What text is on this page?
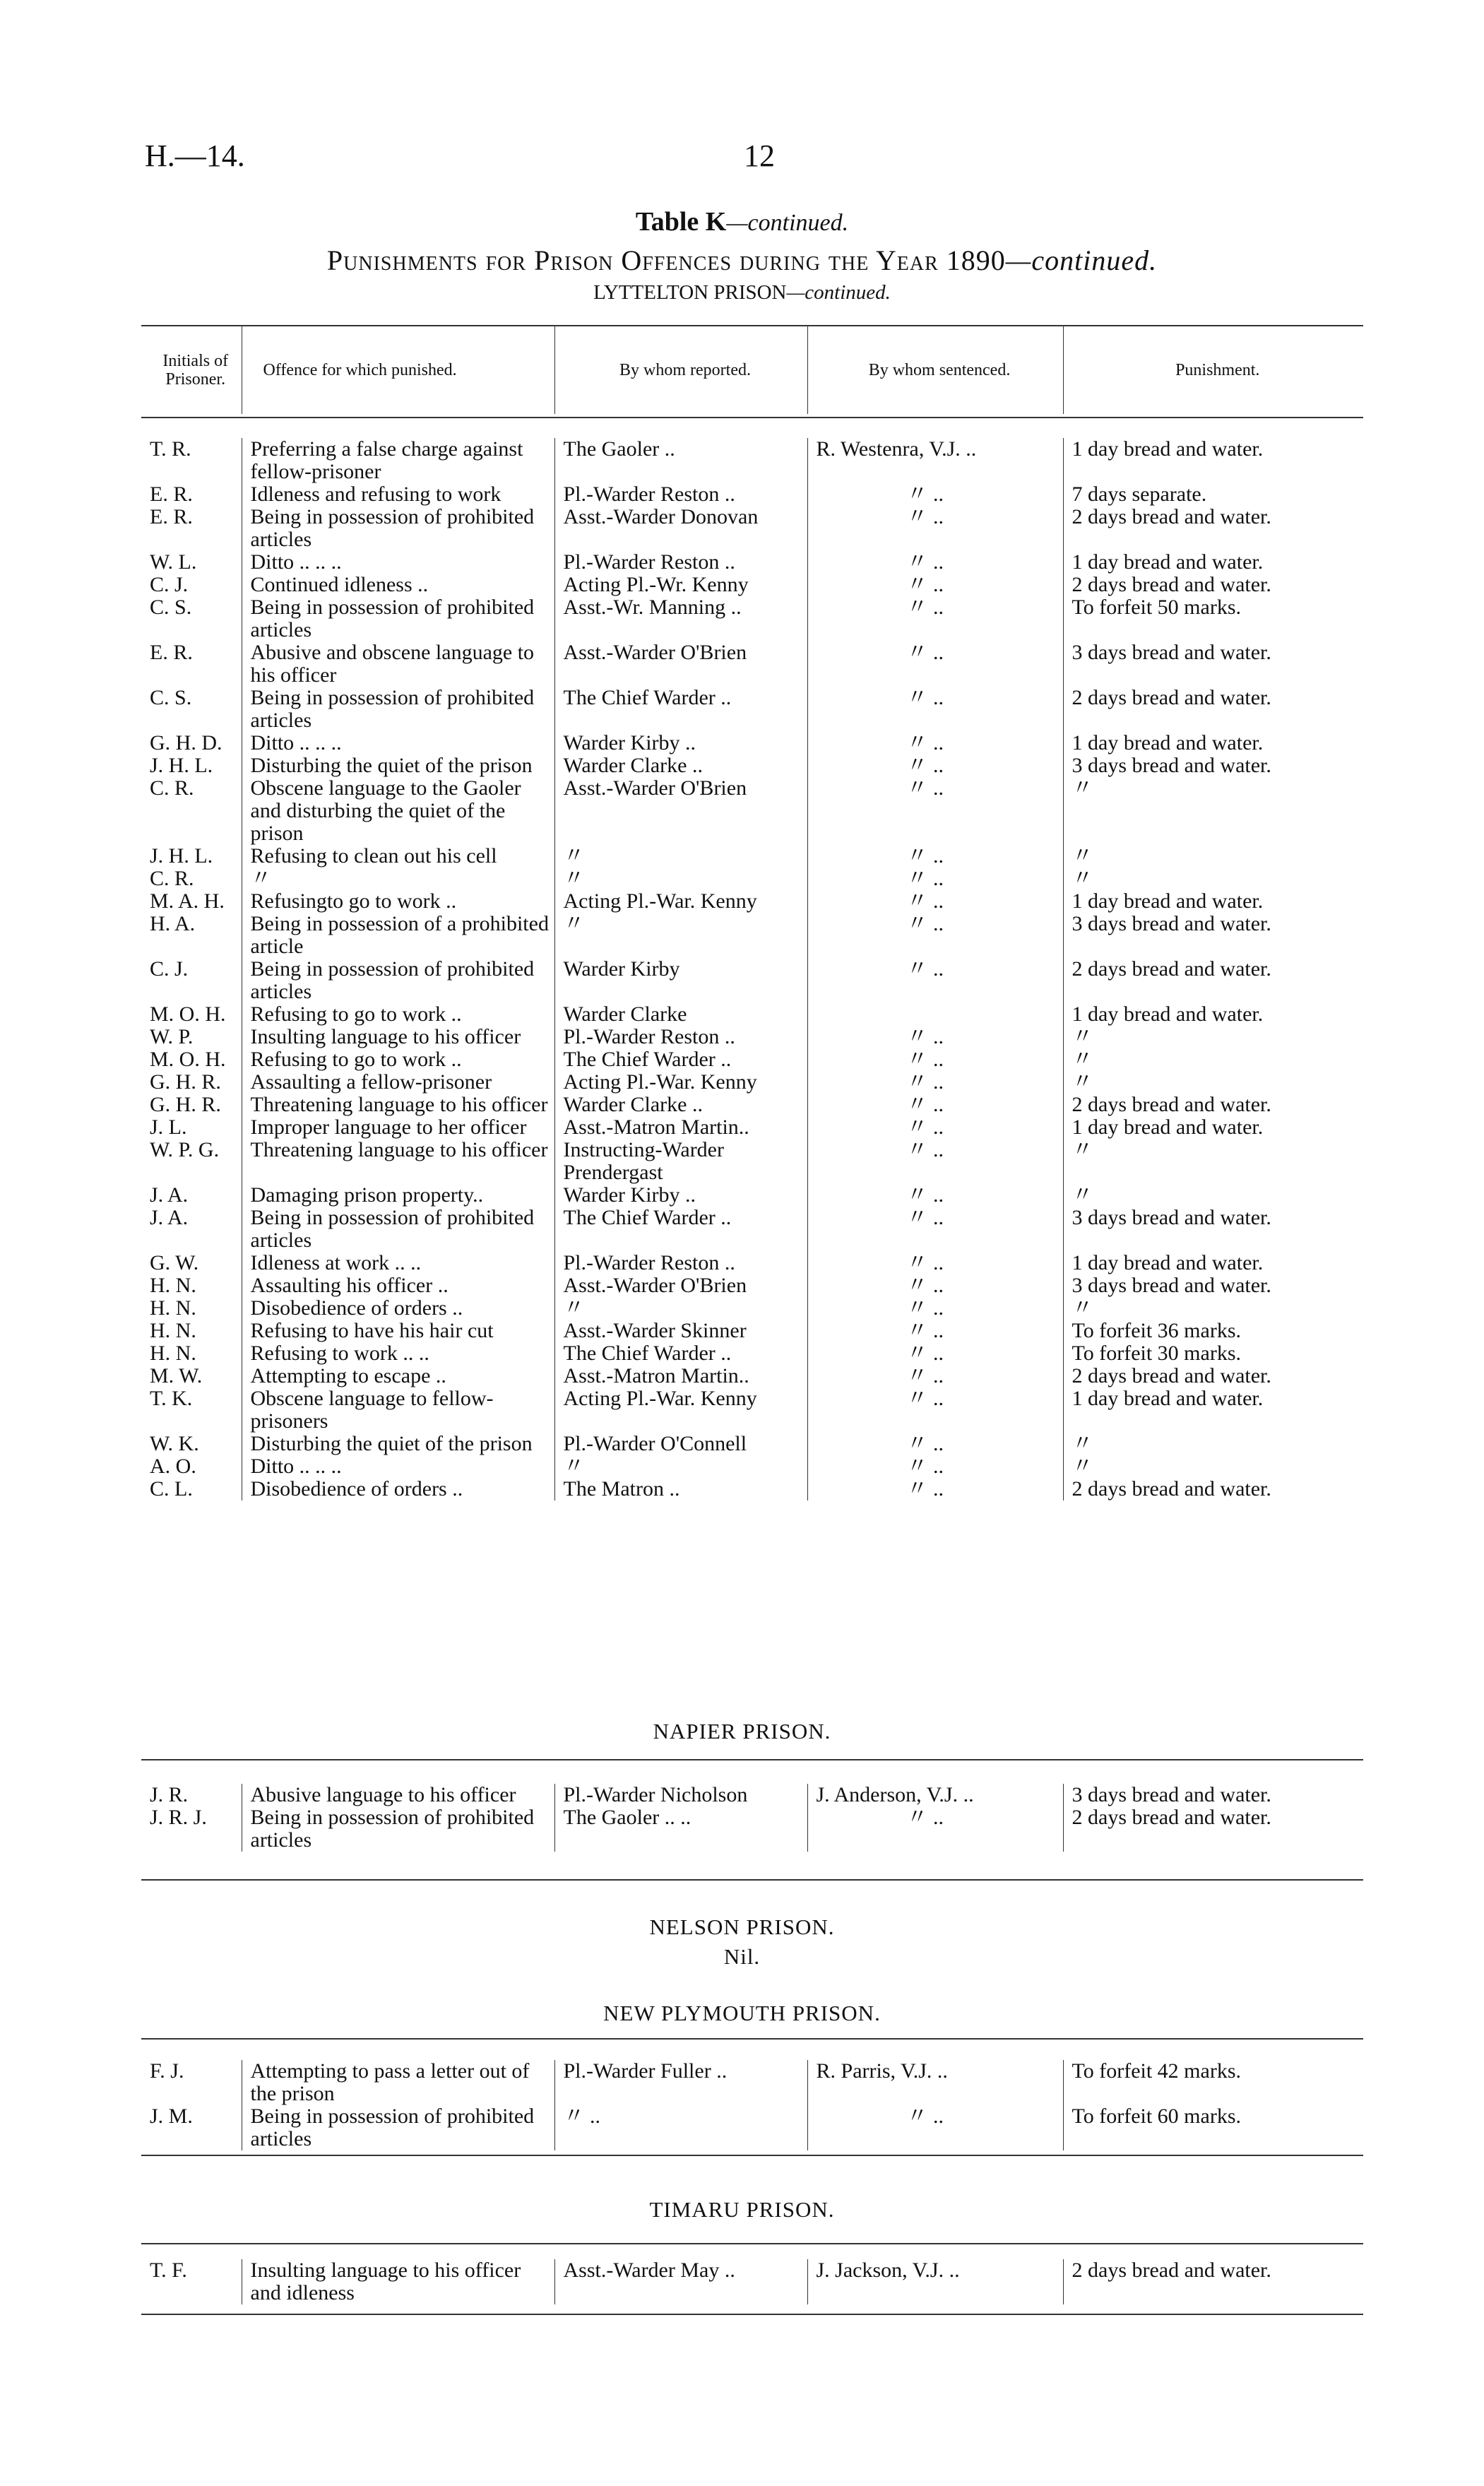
H.—14.	12
Table K—continued.
Punishments for Prison Offences during the Year 1890—continued.
LYTTELTON PRISON—continued.
Initials of Prisoner.	Offence for which punished.	By whom reported.	By whom sentenced.	Punishment.
T. R.	Preferring a false charge against fellow-prisoner	The Gaoler ..	R. Westenra, V.J. ..	1 day bread and water.
E. R.	Idleness and refusing to work	Pl.-Warder Reston ..	〃 ..	7 days separate.
E. R.	Being in possession of prohibited articles	Asst.-Warder Donovan	〃 ..	2 days bread and water.
W. L.	Ditto .. .. ..	Pl.-Warder Reston ..	〃 ..	1 day bread and water.
C. J.	Continued idleness ..	Acting Pl.-Wr. Kenny	〃 ..	2 days bread and water.
C. S.	Being in possession of prohibited articles	Asst.-Wr. Manning ..	〃 ..	To forfeit 50 marks.
E. R.	Abusive and obscene language to his officer	Asst.-Warder O'Brien	〃 ..	3 days bread and water.
C. S.	Being in possession of prohibited articles	The Chief Warder ..	〃 ..	2 days bread and water.
G. H. D.	Ditto .. .. ..	Warder Kirby ..	〃 ..	1 day bread and water.
J. H. L.	Disturbing the quiet of the prison	Warder Clarke ..	〃 ..	3 days bread and water.
C. R.	Obscene language to the Gaoler and disturbing the quiet of the prison	Asst.-Warder O'Brien	〃 ..	〃
J. H. L.	Refusing to clean out his cell	〃	〃 ..	〃
C. R.	〃	〃	〃 ..	〃
M. A. H.	Refusingto go to work ..	Acting Pl.-War. Kenny	〃 ..	1 day bread and water.
H. A.	Being in possession of a prohibited article	〃	〃 ..	3 days bread and water.
C. J.	Being in possession of prohibited articles	Warder Kirby	〃 ..	2 days bread and water.
M. O. H.	Refusing to go to work ..	Warder Clarke		1 day bread and water.
W. P.	Insulting language to his officer	Pl.-Warder Reston ..	〃 ..	〃
M. O. H.	Refusing to go to work ..	The Chief Warder ..	〃 ..	〃
G. H. R.	Assaulting a fellow-prisoner	Acting Pl.-War. Kenny	〃 ..	〃
G. H. R.	Threatening language to his officer	Warder Clarke ..	〃 ..	2 days bread and water.
J. L.	Improper language to her officer	Asst.-Matron Martin..	〃 ..	1 day bread and water.
W. P. G.	Threatening language to his officer	Instructing-Warder Prendergast	〃 ..	〃
J. A.	Damaging prison property..	Warder Kirby ..	〃 ..	〃
J. A.	Being in possession of prohibited articles	The Chief Warder ..	〃 ..	3 days bread and water.
G. W.	Idleness at work .. ..	Pl.-Warder Reston ..	〃 ..	1 day bread and water.
H. N.	Assaulting his officer ..	Asst.-Warder O'Brien	〃 ..	3 days bread and water.
H. N.	Disobedience of orders ..	〃	〃 ..	〃
H. N.	Refusing to have his hair cut	Asst.-Warder Skinner	〃 ..	To forfeit 36 marks.
H. N.	Refusing to work .. ..	The Chief Warder ..	〃 ..	To forfeit 30 marks.
M. W.	Attempting to escape ..	Asst.-Matron Martin..	〃 ..	2 days bread and water.
T. K.	Obscene language to fellow-prisoners	Acting Pl.-War. Kenny	〃 ..	1 day bread and water.
W. K.	Disturbing the quiet of the prison	Pl.-Warder O'Connell	〃 ..	〃
A. O.	Ditto .. .. ..	〃	〃 ..	〃
C. L.	Disobedience of orders ..	The Matron ..	〃 ..	2 days bread and water.
NAPIER PRISON.
J. R.	Abusive language to his officer	Pl.-Warder Nicholson	J. Anderson, V.J. ..	3 days bread and water.
J. R. J.	Being in possession of prohibited articles	The Gaoler .. ..	〃 ..	2 days bread and water.
NELSON PRISON.
Nil.
NEW PLYMOUTH PRISON.
F. J.	Attempting to pass a letter out of the prison	Pl.-Warder Fuller ..	R. Parris, V.J. ..	To forfeit 42 marks.
J. M.	Being in possession of prohibited articles	〃 ..	〃 ..	To forfeit 60 marks.
TIMARU PRISON.
T. F.	Insulting language to his officer and idleness	Asst.-Warder May ..	J. Jackson, V.J. ..	2 days bread and water.
